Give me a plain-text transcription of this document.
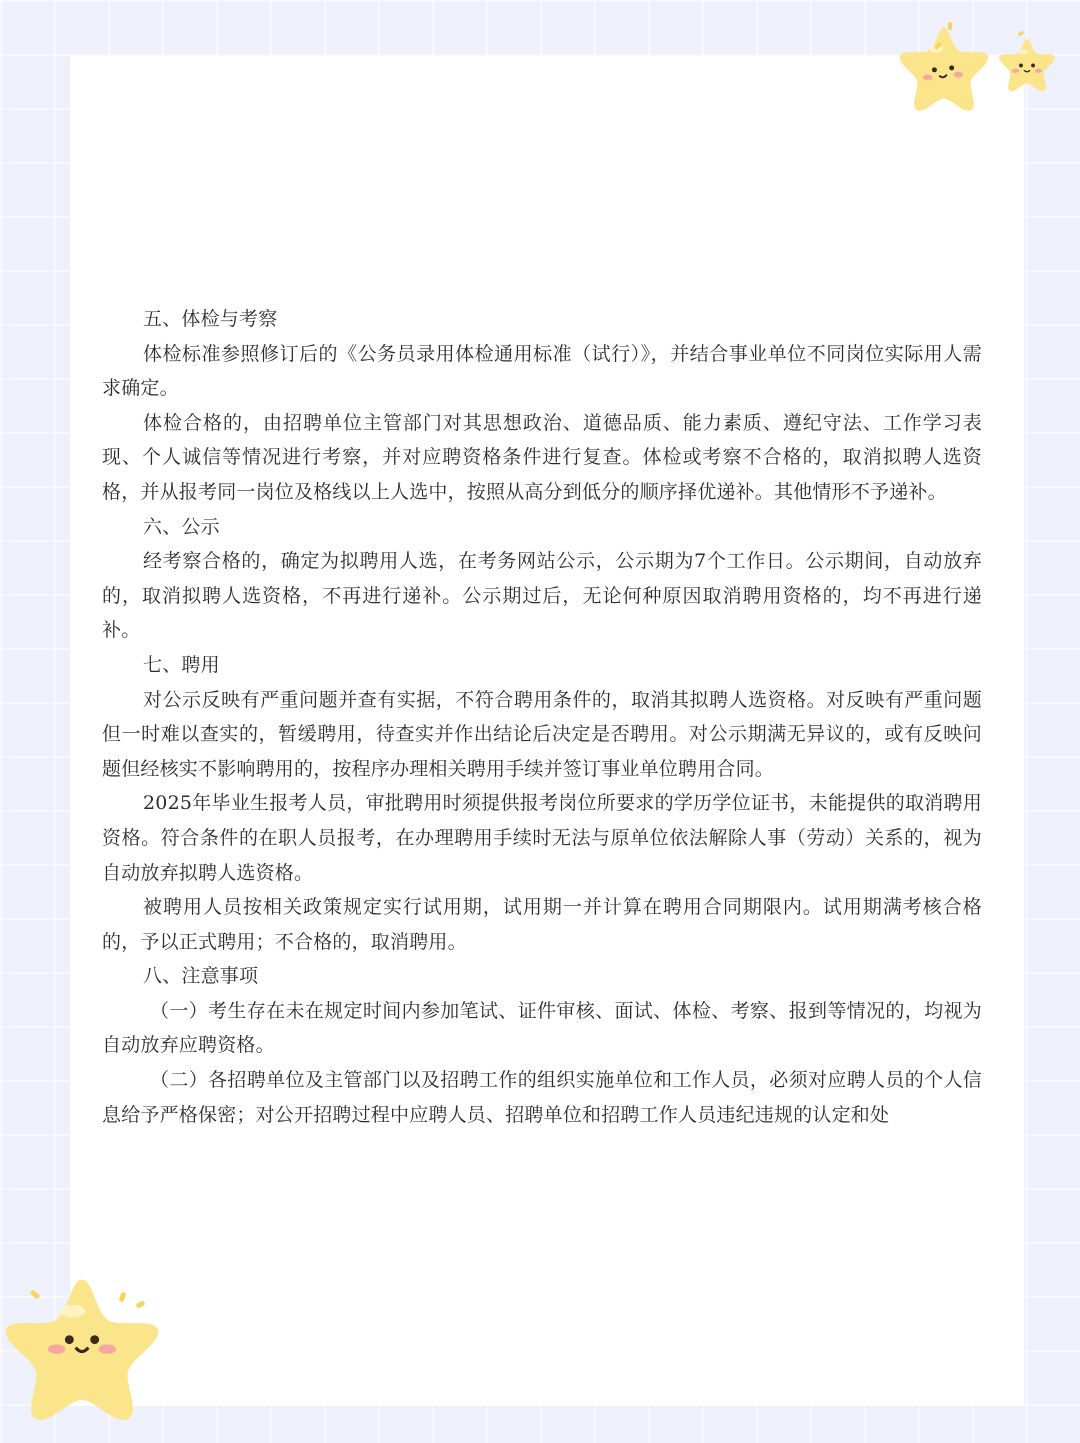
五、体检与考察

体检标准参照修订后的《公务员录用体检通用标准（试行）》，并结合事业单位不同岗位实际用人需求确定。

体检合格的，由招聘单位主管部门对其思想政治、道德品质、能力素质、遵纪守法、工作学习表现、个人诚信等情况进行考察，并对应聘资格条件进行复查。体检或考察不合格的，取消拟聘人选资格，并从报考同一岗位及格线以上人选中，按照从高分到低分的顺序择优递补。其他情形不予递补。

六、公示

经考察合格的，确定为拟聘用人选，在考务网站公示，公示期为7个工作日。公示期间，自动放弃的，取消拟聘人选资格，不再进行递补。公示期过后，无论何种原因取消聘用资格的，均不再进行递补。

七、聘用

对公示反映有严重问题并查有实据，不符合聘用条件的，取消其拟聘人选资格。对反映有严重问题但一时难以查实的，暂缓聘用，待查实并作出结论后决定是否聘用。对公示期满无异议的，或有反映问题但经核实不影响聘用的，按程序办理相关聘用手续并签订事业单位聘用合同。

2025年毕业生报考人员，审批聘用时须提供报考岗位所要求的学历学位证书，未能提供的取消聘用资格。符合条件的在职人员报考，在办理聘用手续时无法与原单位依法解除人事（劳动）关系的，视为自动放弃拟聘人选资格。

被聘用人员按相关政策规定实行试用期，试用期一并计算在聘用合同期限内。试用期满考核合格的，予以正式聘用；不合格的，取消聘用。

八、注意事项

（一）考生存在未在规定时间内参加笔试、证件审核、面试、体检、考察、报到等情况的，均视为自动放弃应聘资格。

（二）各招聘单位及主管部门以及招聘工作的组织实施单位和工作人员，必须对应聘人员的个人信息给予严格保密；对公开招聘过程中应聘人员、招聘单位和招聘工作人员违纪违规的认定和处
